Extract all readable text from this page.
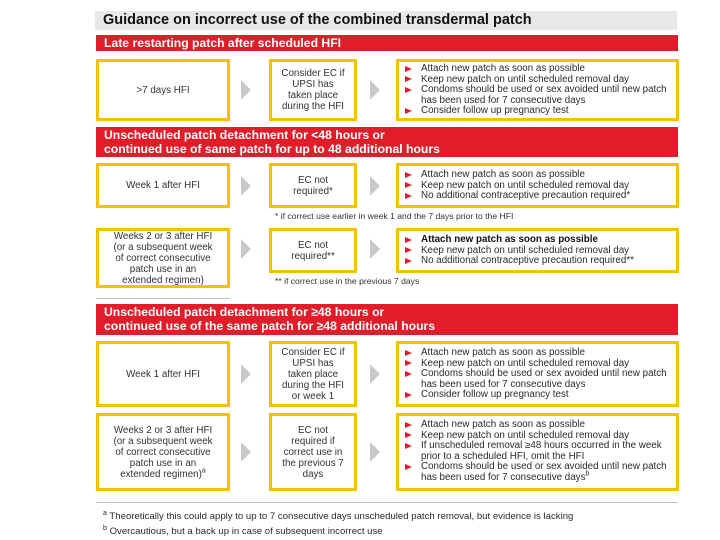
Guidance on incorrect use of the combined transdermal patch
Late restarting patch after scheduled HFI
Unscheduled patch detachment for <48 hours or
continued use of same patch for up to 48 additional hours
Unscheduled patch detachment for ≥48 hours or
continued use of the same patch for ≥48 additional hours
>7 days HFI
Consider EC if
UPSI has
taken place
during the HFI
Attach new patch as soon as possible
Keep new patch on until scheduled removal day
Condoms should be used or sex avoided until new patch has been used for 7 consecutive days
Consider follow up pregnancy test
Week 1 after HFI	EC not
required*
Attach new patch as soon as possible
Keep new patch on until scheduled removal day
No additional contraceptive precaution required*
* if correct use earlier in week 1 and the 7 days prior to the HFI
Weeks 2 or 3 after HFI
(or a subsequent week
of correct consecutive
patch use in an
extended regimen)
EC not
required**
Attach new patch as soon as possible
Keep new patch on until scheduled removal day
No additional contraceptive precaution required**
** if correct use in the previous 7 days
Week 1 after HFI
Consider EC if
UPSI has
taken place
during the HFI
or week 1
Attach new patch as soon as possible
Keep new patch on until scheduled removal day
Condoms should be used or sex avoided until new patch has been used for 7 consecutive days
Consider follow up pregnancy test
Weeks 2 or 3 after HFI
(or a subsequent week
of correct consecutive
patch use in an
extended regimen)$^a$
EC not
required if
correct use in
the previous 7
days
Attach new patch as soon as possible
Keep new patch on until scheduled removal day
If unscheduled removal ≥48 hours occurred in the week prior to a scheduled HFI, omit the HFI
Condoms should be used or sex avoided until new patch has been used for 7 consecutive days$^b$
$^a$ Theoretically this could apply to up to 7 consecutive days unscheduled patch removal, but evidence is lacking
$^b$ Overcautious, but a back up in case of subsequent incorrect use
